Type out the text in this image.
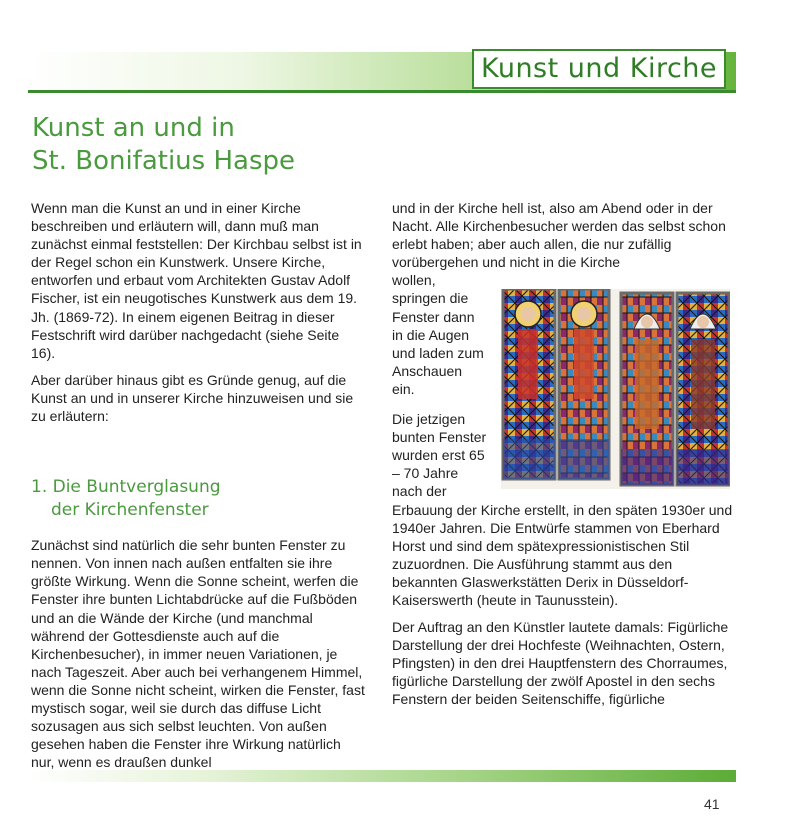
Kunst und Kirche
Kunst an und in
St. Bonifatius Haspe

Wenn man die Kunst an und in einer Kirche beschreiben und erläutern will, dann muß man zunächst einmal feststellen: Der Kirchbau selbst ist in der Regel schon ein Kunstwerk. Unsere Kirche, entworfen und erbaut vom Architekten Gustav Adolf Fischer, ist ein neugotisches Kunstwerk aus dem 19. Jh. (1869-72). In einem eigenen Beitrag in dieser Festschrift wird darüber nachgedacht (siehe Seite 16).

Aber darüber hinaus gibt es Gründe genug, auf die Kunst an und in unserer Kirche hinzuweisen und sie zu erläutern:

1. Die Buntverglasung
der Kirchenfenster

Zunächst sind natürlich die sehr bunten Fenster zu nennen. Von innen nach außen entfalten sie ihre größte Wirkung. Wenn die Sonne scheint, werfen die Fenster ihre bunten Lichtabdrücke auf die Fußböden und an die Wände der Kirche (und manchmal während der Gottesdienste auch auf die Kirchenbesucher), in immer neuen Variationen, je nach Tageszeit. Aber auch bei verhangenem Himmel, wenn die Sonne nicht scheint, wirken die Fenster, fast mystisch sogar, weil sie durch das diffuse Licht sozusagen aus sich selbst leuchten. Von außen gesehen haben die Fenster ihre Wirkung natürlich nur, wenn es draußen dunkel

und in der Kirche hell ist, also am Abend oder in der Nacht. Alle Kirchenbesucher werden das selbst schon erlebt haben; aber auch allen, die nur zufällig vorübergehen und nicht in die Kirche

wollen,
springen die
Fenster dann
in die Augen
und laden zum
Anschauen
ein.
Die jetzigen
bunten Fenster
wurden erst 65
– 70 Jahre
nach der

Erbauung der Kirche erstellt, in den späten 1930er und 1940er Jahren. Die Entwürfe stammen von Eberhard Horst und sind dem spätexpressionistischen Stil zuzuordnen. Die Ausführung stammt aus den bekannten Glaswerkstätten Derix in Düsseldorf-Kaiserswerth (heute in Taunusstein).

Der Auftrag an den Künstler lautete damals: Figürliche Darstellung der drei Hochfeste (Weihnachten, Ostern, Pfingsten) in den drei Hauptfenstern des Chorraumes, figürliche Darstellung der zwölf Apostel in den sechs Fenstern der beiden Seitenschiffe, figürliche

41
